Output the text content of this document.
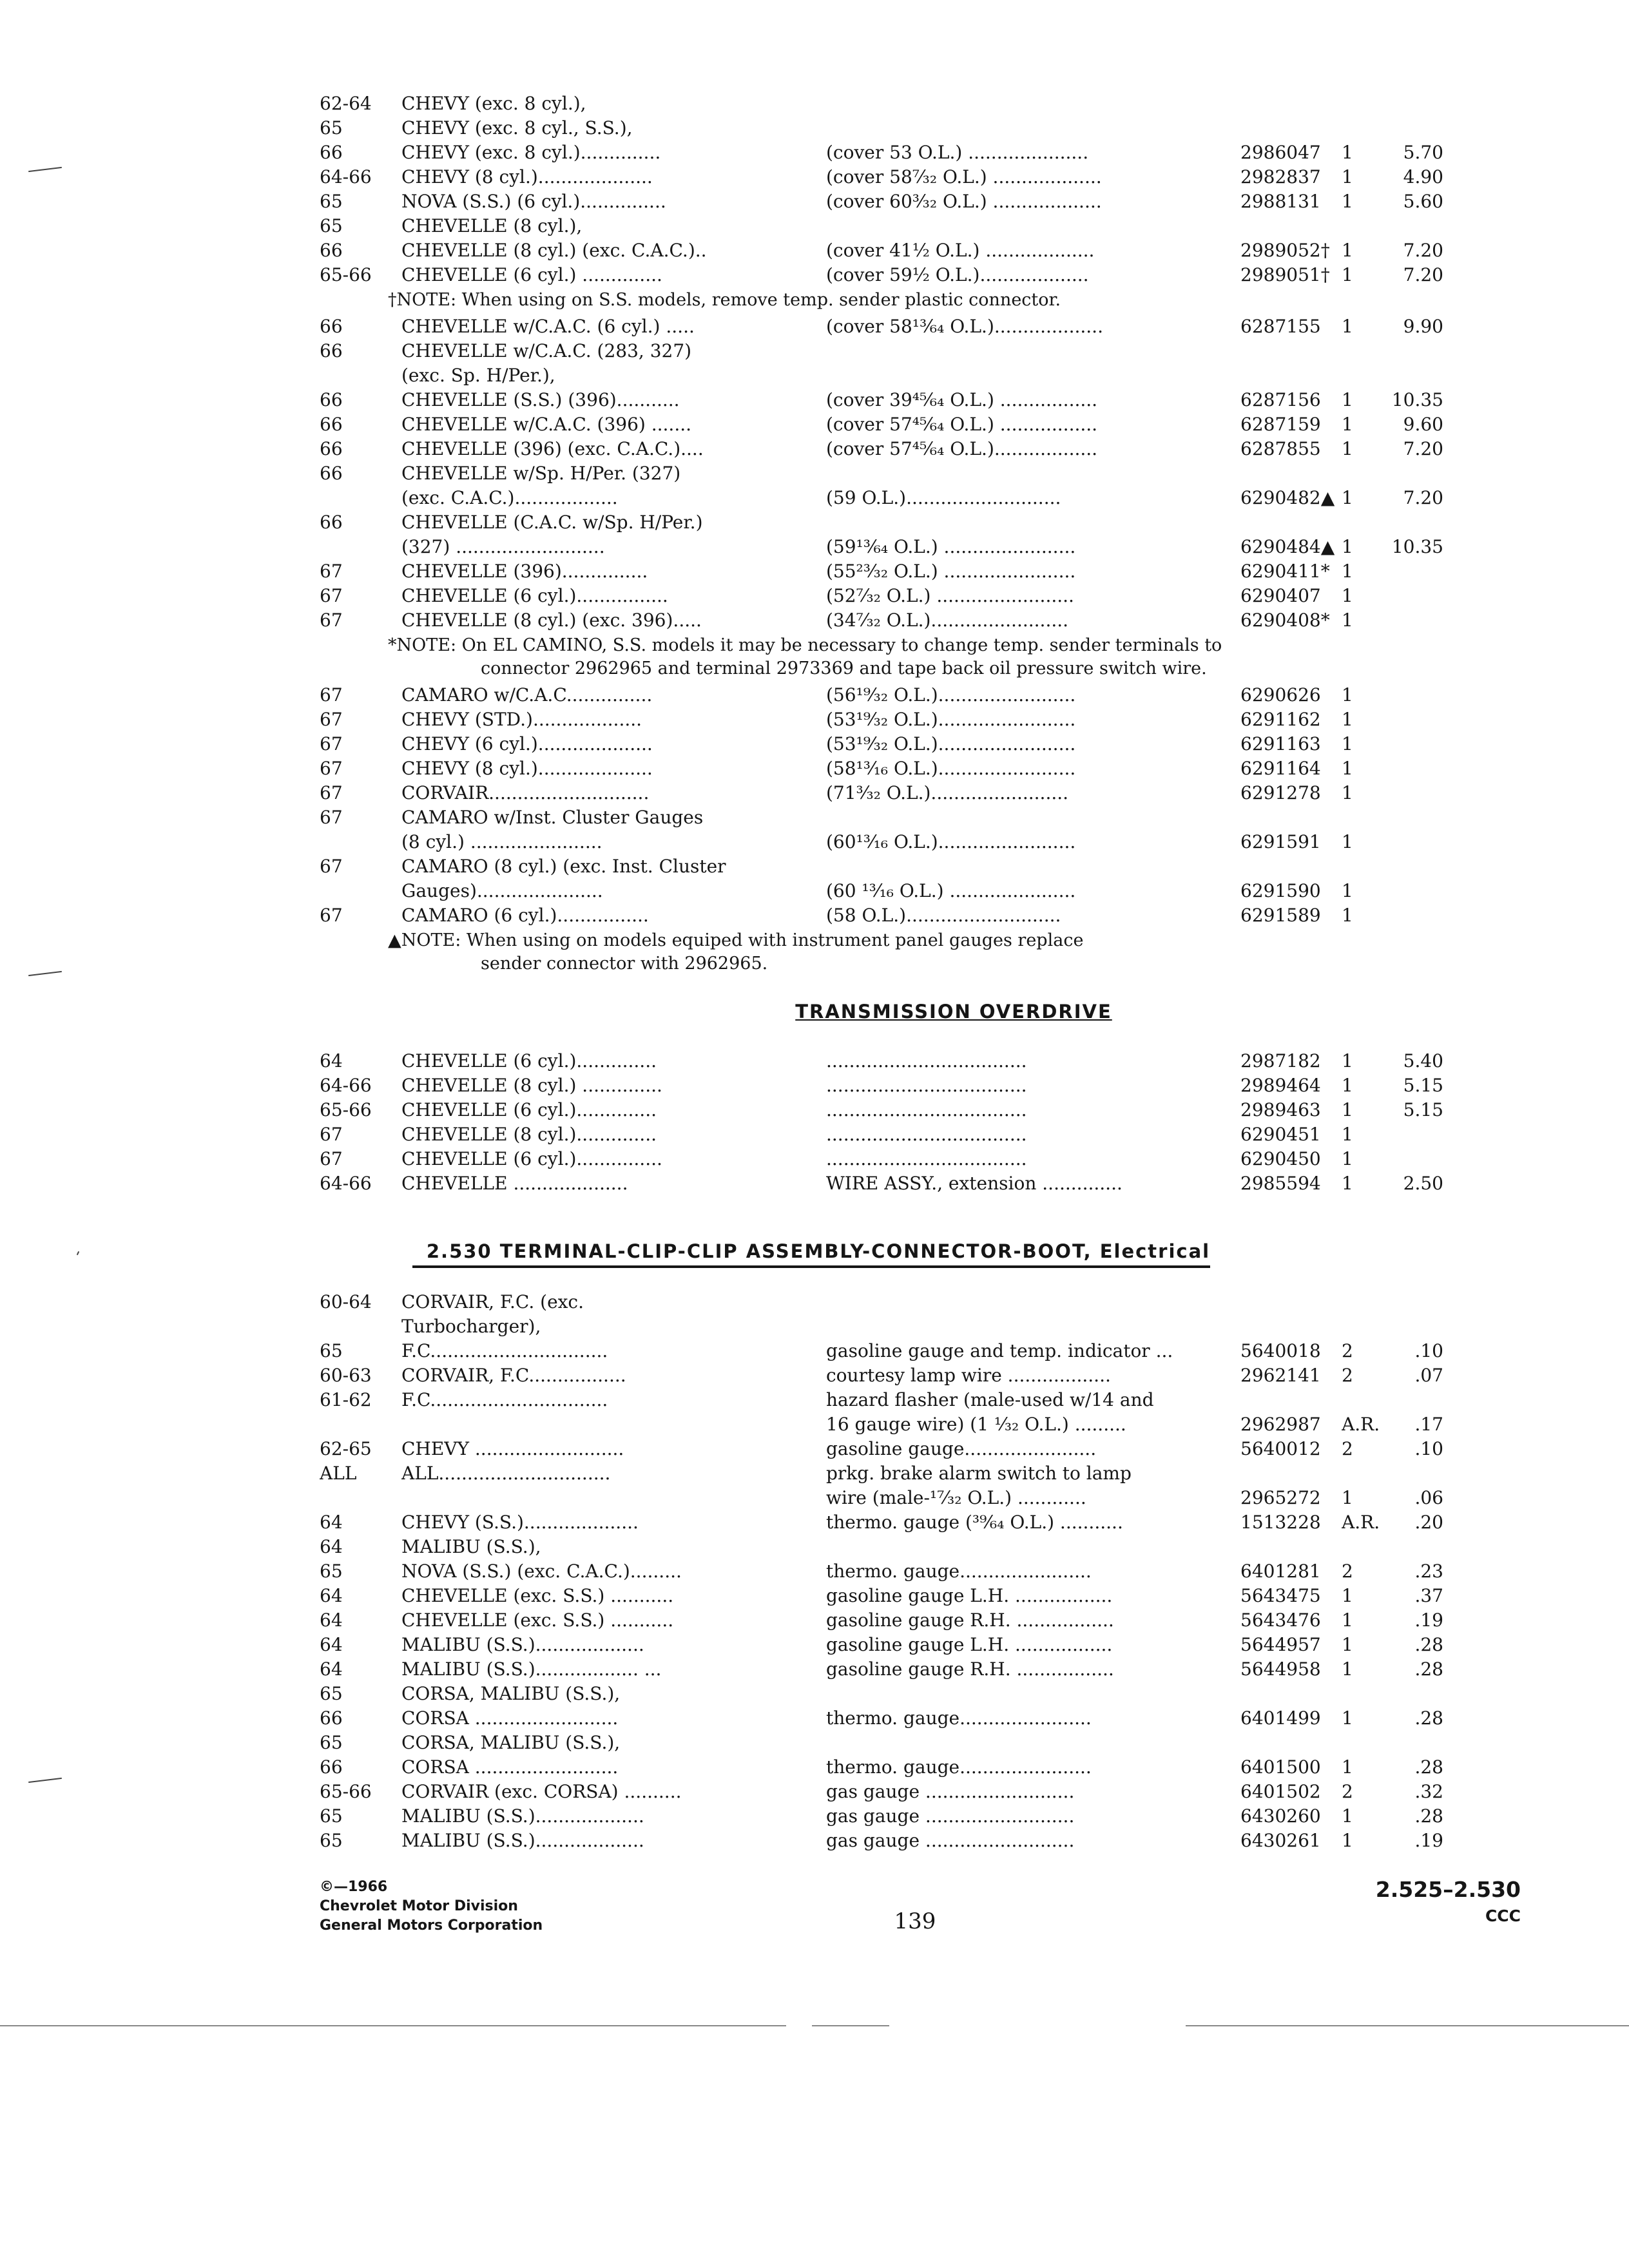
62-64	CHEVY (exc. 8 cyl.),
65	CHEVY (exc. 8 cyl., S.S.),
66	CHEVY (exc. 8 cyl.)..............	(cover 53 O.L.) .....................	2986047	1	5.70
64-66	CHEVY (8 cyl.)....................	(cover 58⁷⁄₃₂ O.L.) ...................	2982837	1	4.90
65	NOVA (S.S.) (6 cyl.)...............	(cover 60³⁄₃₂ O.L.) ...................	2988131	1	5.60
65	CHEVELLE (8 cyl.),
66	CHEVELLE (8 cyl.) (exc. C.A.C.)..	(cover 41½ O.L.) ...................	2989052† 1	7.20
65-66	CHEVELLE (6 cyl.) ..............	(cover 59½ O.L.)...................	2989051† 1	7.20
†NOTE: When using on S.S. models, remove temp. sender plastic connector.
66	CHEVELLE w/C.A.C. (6 cyl.) .....	(cover 58¹³⁄₆₄ O.L.)...................	6287155	1	9.90
66	CHEVELLE w/C.A.C. (283, 327)
(exc. Sp. H/Per.),
66	CHEVELLE (S.S.) (396)...........	(cover 39⁴⁵⁄₆₄ O.L.) .................	6287156	1	10.35
66	CHEVELLE w/C.A.C. (396) .......	(cover 57⁴⁵⁄₆₄ O.L.) .................	6287159	1	9.60
66	CHEVELLE (396) (exc. C.A.C.)....	(cover 57⁴⁵⁄₆₄ O.L.)..................	6287855	1	7.20
66	CHEVELLE w/Sp. H/Per. (327)
(exc. C.A.C.)..................	(59 O.L.)...........................	6290482▲ 1	7.20
66	CHEVELLE (C.A.C. w/Sp. H/Per.)
(327) ..........................	(59¹³⁄₆₄ O.L.) .......................	6290484▲ 1	10.35
67	CHEVELLE (396)...............	(55²³⁄₃₂ O.L.) .......................	6290411* 1
67	CHEVELLE (6 cyl.)................	(52⁷⁄₃₂ O.L.) ........................	6290407	1
67	CHEVELLE (8 cyl.) (exc. 396).....	(34⁷⁄₃₂ O.L.)........................	6290408* 1
*NOTE: On EL CAMINO, S.S. models it may be necessary to change temp. sender terminals to
connector 2962965 and terminal 2973369 and tape back oil pressure switch wire.
67	CAMARO w/C.A.C...............	(56¹⁹⁄₃₂ O.L.)........................	6290626	1
67	CHEVY (STD.)...................	(53¹⁹⁄₃₂ O.L.)........................	6291162	1
67	CHEVY (6 cyl.)....................	(53¹⁹⁄₃₂ O.L.)........................	6291163	1
67	CHEVY (8 cyl.)....................	(58¹³⁄₁₆ O.L.)........................	6291164	1
67	CORVAIR............................	(71³⁄₃₂ O.L.)........................	6291278	1
67	CAMARO w/Inst. Cluster Gauges
(8 cyl.) .......................	(60¹³⁄₁₆ O.L.)........................	6291591	1
67	CAMARO (8 cyl.) (exc. Inst. Cluster
Gauges)......................	(60 ¹³⁄₁₆ O.L.) ......................	6291590	1
67	CAMARO (6 cyl.)................	(58 O.L.)...........................	6291589	1
▲NOTE: When using on models equiped with instrument panel gauges replace
sender connector with 2962965.
TRANSMISSION OVERDRIVE
64	CHEVELLE (6 cyl.)..............	...................................	2987182	1	5.40
64-66	CHEVELLE (8 cyl.) ..............	...................................	2989464	1	5.15
65-66	CHEVELLE (6 cyl.)..............	...................................	2989463	1	5.15
67	CHEVELLE (8 cyl.)..............	...................................	6290451	1
67	CHEVELLE (6 cyl.)...............	...................................	6290450	1
64-66	CHEVELLE ....................	WIRE ASSY., extension ..............	2985594	1	2.50
2.530 TERMINAL-CLIP-CLIP ASSEMBLY-CONNECTOR-BOOT, Electrical
60-64	CORVAIR, F.C. (exc.
Turbocharger),
65	F.C...............................	gasoline gauge and temp. indicator ...	5640018	2	.10
60-63	CORVAIR, F.C.................	courtesy lamp wire ..................	2962141	2	.07
61-62	F.C...............................	hazard flasher (male-used w/14 and
16 gauge wire) (1 ¹⁄₃₂ O.L.) .........	2962987	A.R.	.17
62-65	CHEVY ..........................	gasoline gauge.......................	5640012	2	.10
ALL	ALL..............................	prkg. brake alarm switch to lamp
wire (male-¹⁷⁄₃₂ O.L.) ............	2965272	1	.06
64	CHEVY (S.S.)....................	thermo. gauge (³⁹⁄₆₄ O.L.) ...........	1513228	A.R.	.20
64	MALIBU (S.S.),
65	NOVA (S.S.) (exc. C.A.C.).........	thermo. gauge.......................	6401281	2	.23
64	CHEVELLE (exc. S.S.) ...........	gasoline gauge L.H. .................	5643475	1	.37
64	CHEVELLE (exc. S.S.) ...........	gasoline gauge R.H. .................	5643476	1	.19
64	MALIBU (S.S.)...................	gasoline gauge L.H. .................	5644957	1	.28
64	MALIBU (S.S.).................. ...	gasoline gauge R.H. .................	5644958	1	.28
65	CORSA, MALIBU (S.S.),
66	CORSA .........................	thermo. gauge.......................	6401499	1	.28
65	CORSA, MALIBU (S.S.),
66	CORSA .........................	thermo. gauge.......................	6401500	1	.28
65-66	CORVAIR (exc. CORSA) ..........	gas gauge ..........................	6401502	2	.32
65	MALIBU (S.S.)...................	gas gauge ..........................	6430260	1	.28
65	MALIBU (S.S.)...................	gas gauge ..........................	6430261	1	.19
©—1966
Chevrolet Motor Division
General Motors Corporation	139
2.525–2.530
CCC
